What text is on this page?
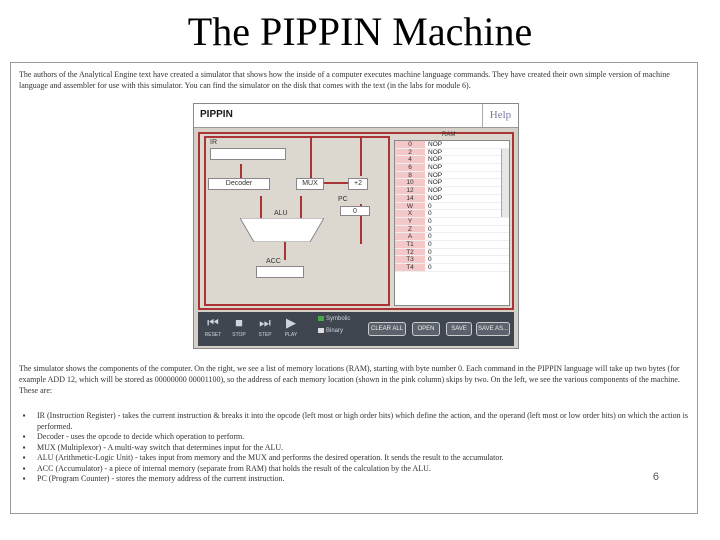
The PIPPIN Machine
The authors of the Analytical Engine text have created a simulator that shows how the inside of a computer executes machine language commands. They have created their own simple version of machine language and assembler for use with this simulator. You can find the simulator on the disk that comes with the text (in the labs for module 6).
PIPPIN	Help
IR
Decoder	MUX	+2
PC
0
ALU
ACC
RAM
0	NOP
2	NOP
4	NOP
6	NOP
8	NOP
10	NOP
12	NOP
14	NOP
W	0
X	0
Y	0
Z	0
A	0
T1	0
T2	0
T3	0
T4	0
⏮
RESET
■
STOP
⏭
STEP
▶
PLAY
Symbolic
Binary	CLEAR ALL	OPEN	SAVE	SAVE AS...
The simulator shows the components of the computer. On the right, we see a list of memory locations (RAM), starting with byte number 0. Each command in the PIPPIN language will take up two bytes (for example ADD 12, which will be stored as 00000000 00001100), so the address of each memory location (shown in the pink column) skips by two. On the left, we see the various components of the machine. These are:
▪	IR (Instruction Register) - takes the current instruction & breaks it into the opcode (left most or high order bits) which define the action, and the operand (left most or low order bits) on which the action is performed.
▪	Decoder - uses the opcode to decide which operation to perform.
▪	MUX (Multiplexor) - A multi-way switch that determines input for the ALU.
▪	ALU (Arithmetic-Logic Unit) - takes input from memory and the MUX and performs the desired operation. It sends the result to the accumulator.
▪	ACC (Accumulator) - a piece of internal memory (separate from RAM) that holds the result of the calculation by the ALU.
▪	PC (Program Counter) - stores the memory address of the current instruction.	6
